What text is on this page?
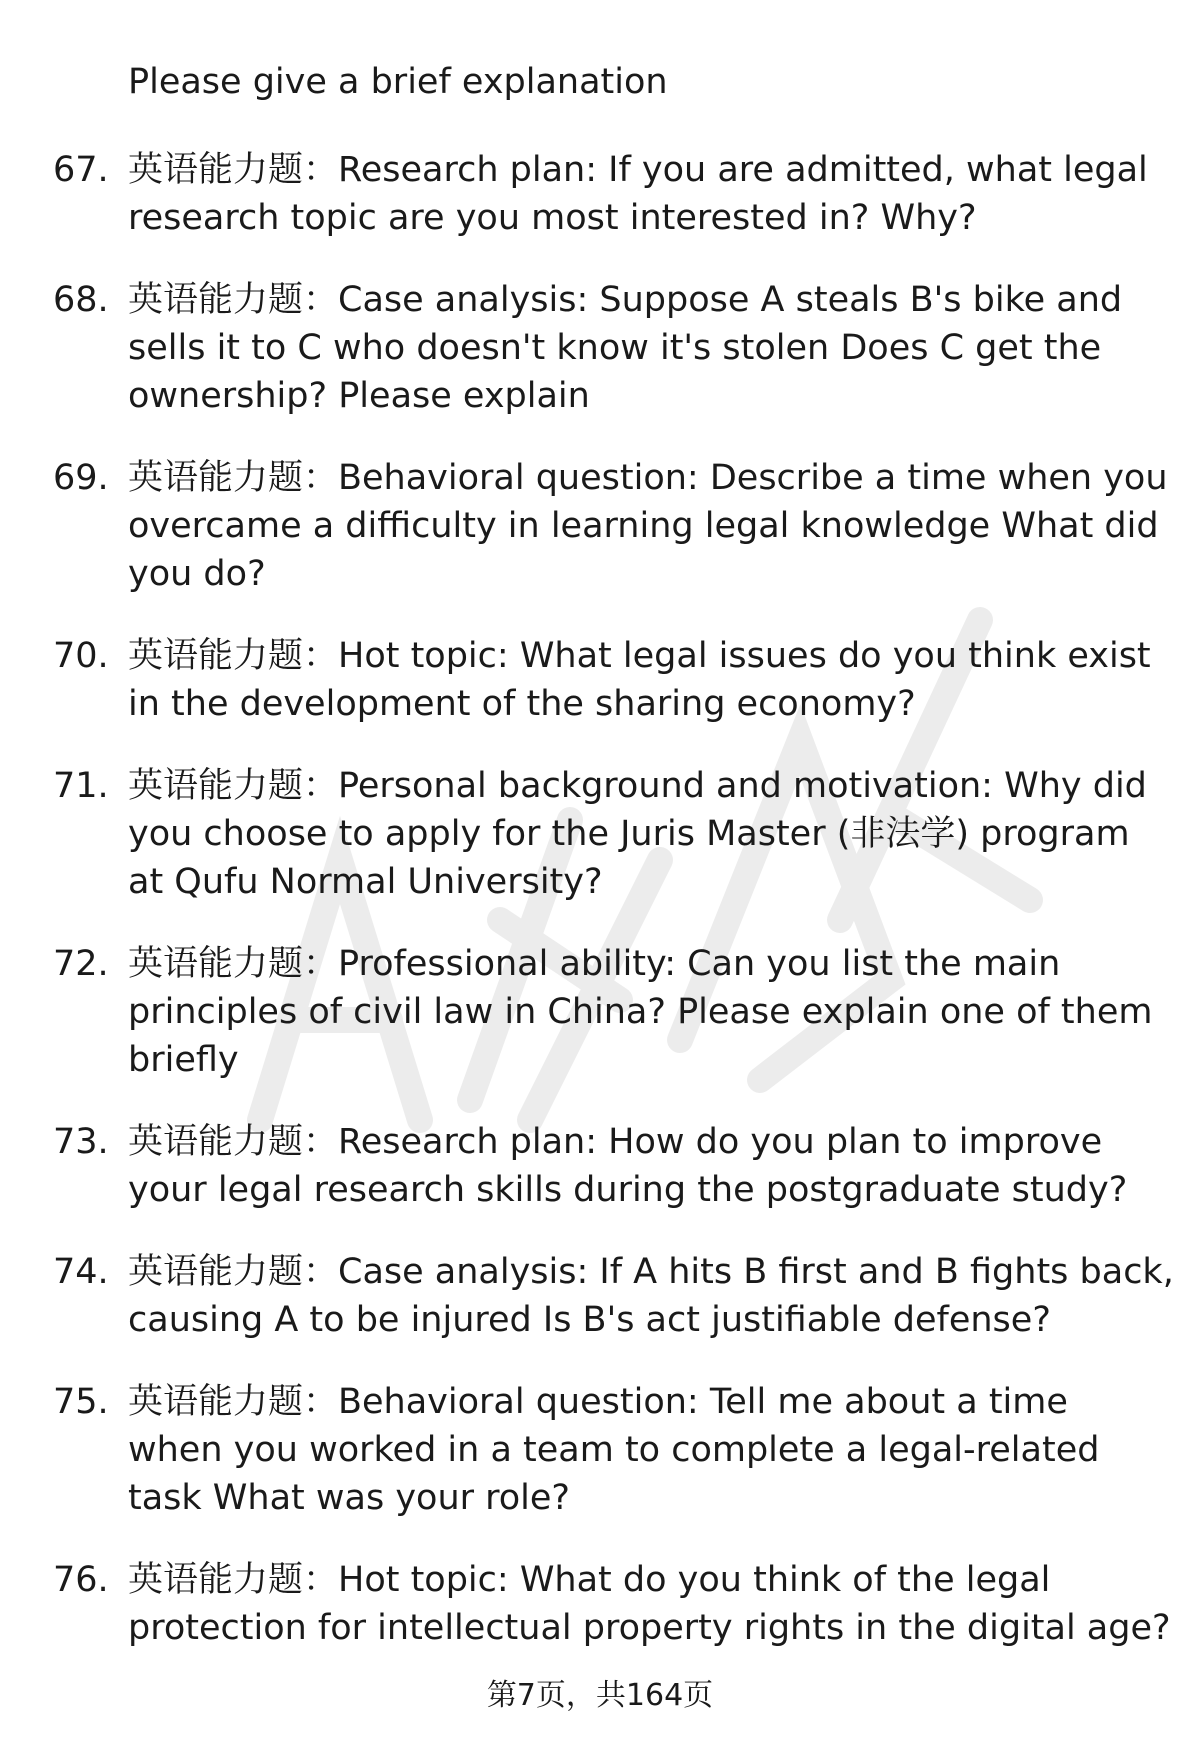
Please give a brief explanation
67. 英语能力题：Research plan: If you are admitted, what legal
research topic are you most interested in? Why?
68. 英语能力题：Case analysis: Suppose A steals B's bike and
sells it to C who doesn't know it's stolen Does C get the
ownership? Please explain
69. 英语能力题：Behavioral question: Describe a time when you
overcame a difficulty in learning legal knowledge What did
you do?
70. 英语能力题：Hot topic: What legal issues do you think exist
in the development of the sharing economy?
71. 英语能力题：Personal background and motivation: Why did
you choose to apply for the Juris Master (非法学) program
at Qufu Normal University?
72. 英语能力题：Professional ability: Can you list the main
principles of civil law in China? Please explain one of them
briefly
73. 英语能力题：Research plan: How do you plan to improve
your legal research skills during the postgraduate study?
74. 英语能力题：Case analysis: If A hits B first and B fights back,
causing A to be injured Is B's act justifiable defense?
75. 英语能力题：Behavioral question: Tell me about a time
when you worked in a team to complete a legal-related
task What was your role?
76. 英语能力题：Hot topic: What do you think of the legal
protection for intellectual property rights in the digital age?
第7页，共164页
